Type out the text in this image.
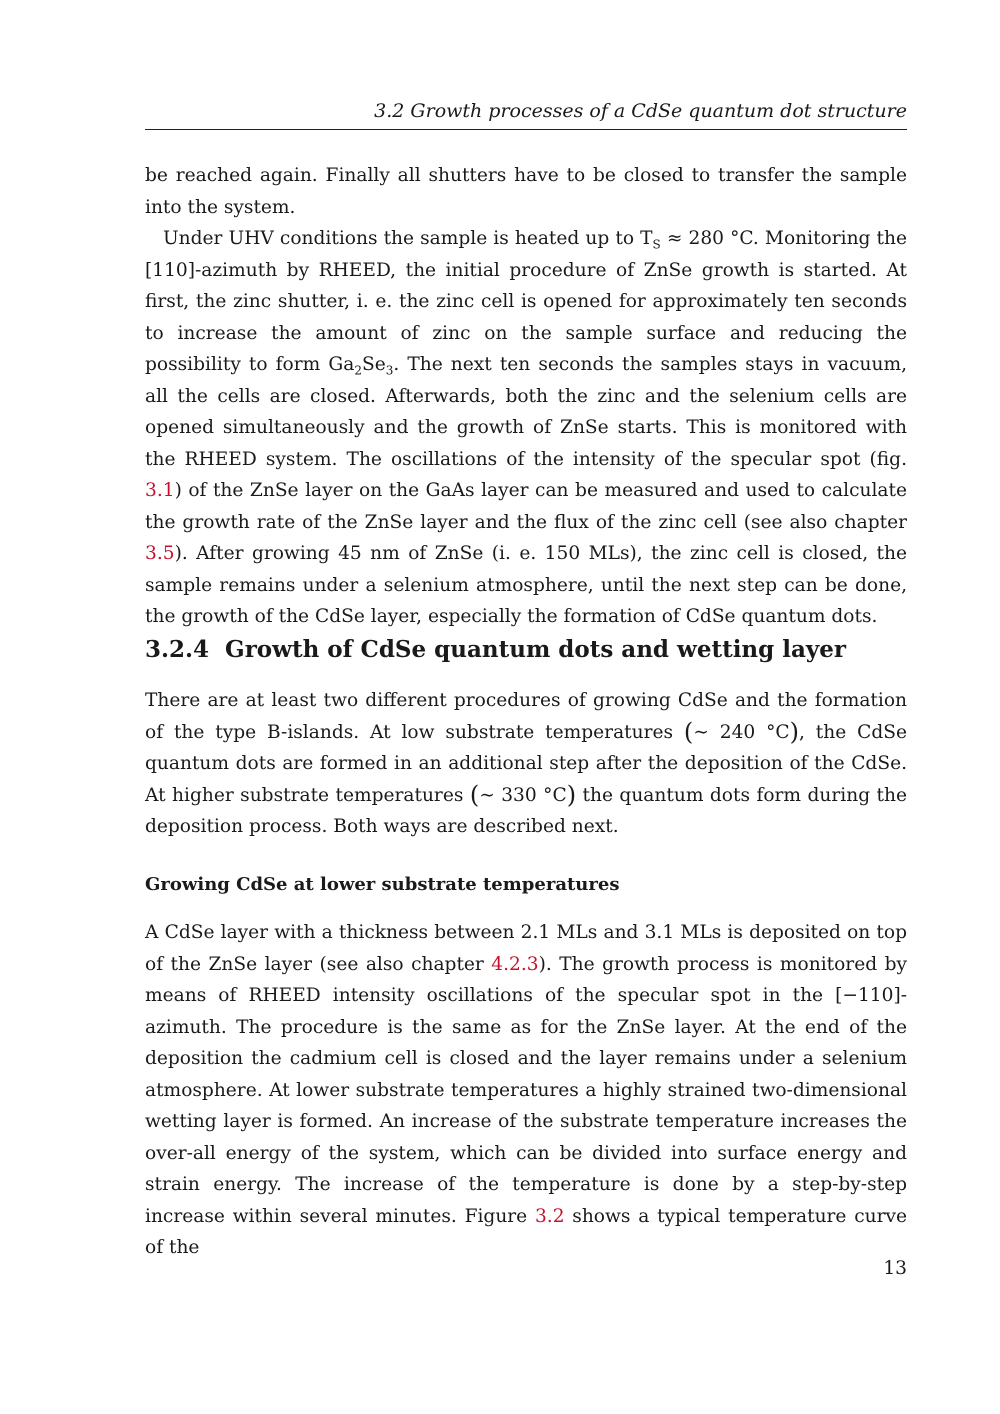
3.2 Growth processes of a CdSe quantum dot structure

be reached again. Finally all shutters have to be closed to transfer the sample into the system.

Under UHV conditions the sample is heated up to $T_S \approx 280$ °C. Monitoring the [110]-azimuth by RHEED, the initial procedure of ZnSe growth is started. At first, the zinc shutter, i. e. the zinc cell is opened for approximately ten seconds to increase the amount of zinc on the sample surface and reducing the possibility to form $Ga_2Se_3$. The next ten seconds the samples stays in vacuum, all the cells are closed. Afterwards, both the zinc and the selenium cells are opened simultaneously and the growth of ZnSe starts. This is monitored with the RHEED system. The oscillations of the intensity of the specular spot (fig. 3.1) of the ZnSe layer on the GaAs layer can be measured and used to calculate the growth rate of the ZnSe layer and the flux of the zinc cell (see also chapter 3.5). After growing 45 nm of ZnSe (i. e. 150 MLs), the zinc cell is closed, the sample remains under a selenium atmosphere, until the next step can be done, the growth of the CdSe layer, especially the formation of CdSe quantum dots.

3.2.4 Growth of CdSe quantum dots and wetting layer

There are at least two different procedures of growing CdSe and the formation of the type B-islands. At low substrate temperatures (∼ 240 °C), the CdSe quantum dots are formed in an additional step after the deposition of the CdSe. At higher substrate temperatures (∼ 330 °C) the quantum dots form during the deposition process. Both ways are described next.

Growing CdSe at lower substrate temperatures

A CdSe layer with a thickness between 2.1 MLs and 3.1 MLs is deposited on top of the ZnSe layer (see also chapter 4.2.3). The growth process is monitored by means of RHEED intensity oscillations of the specular spot in the [−110]-azimuth. The procedure is the same as for the ZnSe layer. At the end of the deposition the cadmium cell is closed and the layer remains under a selenium atmosphere. At lower substrate temperatures a highly strained two-dimensional wetting layer is formed. An increase of the substrate temperature increases the over-all energy of the system, which can be divided into surface energy and strain energy. The increase of the temperature is done by a step-by-step increase within several minutes. Figure 3.2 shows a typical temperature curve of the

13
